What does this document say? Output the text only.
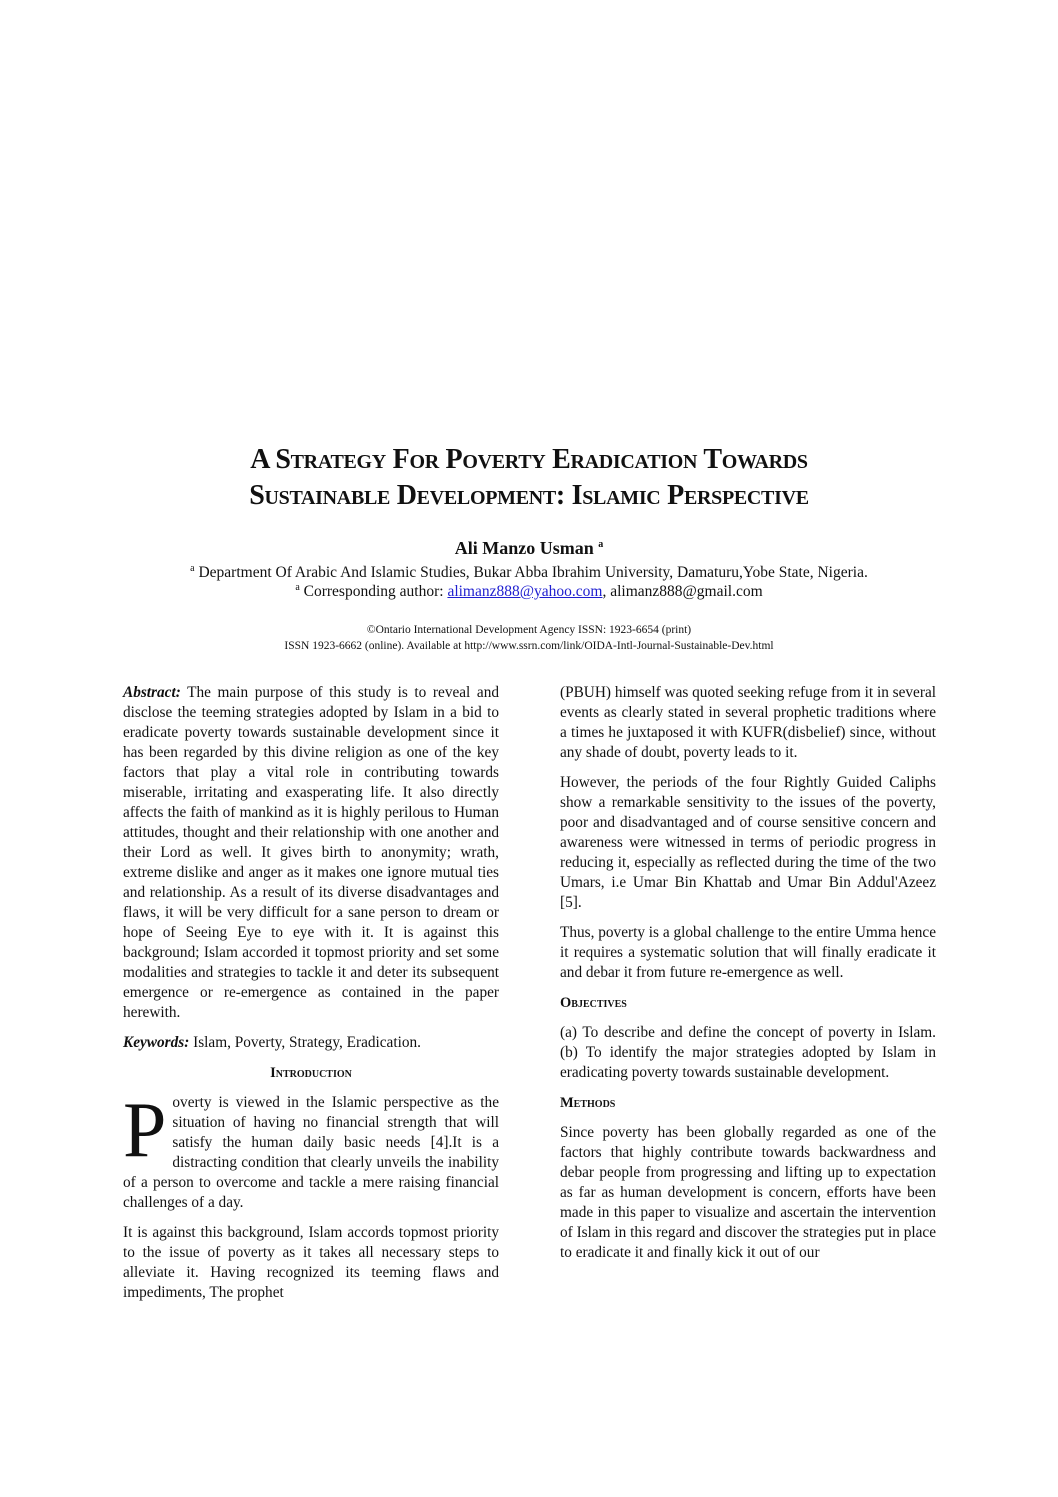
A Strategy For Poverty Eradication Towards
Sustainable Development: Islamic Perspective
Ali Manzo Usman $^a$
$^a$ Department Of Arabic And Islamic Studies, Bukar Abba Ibrahim University, Damaturu,Yobe State, Nigeria.
$^a$ Corresponding author: alimanz888@yahoo.com, alimanz888@gmail.com
©Ontario International Development Agency ISSN: 1923-6654 (print)
ISSN 1923-6662 (online). Available at http://www.ssrn.com/link/OIDA-Intl-Journal-Sustainable-Dev.html

Abstract: The main purpose of this study is to reveal and disclose the teeming strategies adopted by Islam in a bid to eradicate poverty towards sustainable development since it has been regarded by this divine religion as one of the key factors that play a vital role in contributing towards miserable, irritating and exasperating life. It also directly affects the faith of mankind as it is highly perilous to Human attitudes, thought and their relationship with one another and their Lord as well. It gives birth to anonymity; wrath, extreme dislike and anger as it makes one ignore mutual ties and relationship. As a result of its diverse disadvantages and flaws, it will be very difficult for a sane person to dream or hope of Seeing Eye to eye with it. It is against this background; Islam accorded it topmost priority and set some modalities and strategies to tackle it and deter its subsequent emergence or re-emergence as contained in the paper herewith.

Keywords: Islam, Poverty, Strategy, Eradication.

Introduction

Poverty is viewed in the Islamic perspective as the situation of having no financial strength that will satisfy the human daily basic needs [4].It is a distracting condition that clearly unveils the inability of a person to overcome and tackle a mere raising financial challenges of a day.

It is against this background, Islam accords topmost priority to the issue of poverty as it takes all necessary steps to alleviate it. Having recognized its teeming flaws and impediments, The prophet

(PBUH) himself was quoted seeking refuge from it in several events as clearly stated in several prophetic traditions where a times he juxtaposed it with KUFR(disbelief) since, without any shade of doubt, poverty leads to it.

However, the periods of the four Rightly Guided Caliphs show a remarkable sensitivity to the issues of the poverty, poor and disadvantaged and of course sensitive concern and awareness were witnessed in terms of periodic progress in reducing it, especially as reflected during the time of the two Umars, i.e Umar Bin Khattab and Umar Bin Addul'Azeez [5].

Thus, poverty is a global challenge to the entire Umma hence it requires a systematic solution that will finally eradicate it and debar it from future re-emergence as well.

Objectives

(a) To describe and define the concept of poverty in Islam. (b) To identify the major strategies adopted by Islam in eradicating poverty towards sustainable development.

Methods

Since poverty has been globally regarded as one of the factors that highly contribute towards backwardness and debar people from progressing and lifting up to expectation as far as human development is concern, efforts have been made in this paper to visualize and ascertain the intervention of Islam in this regard and discover the strategies put in place to eradicate it and finally kick it out of our
